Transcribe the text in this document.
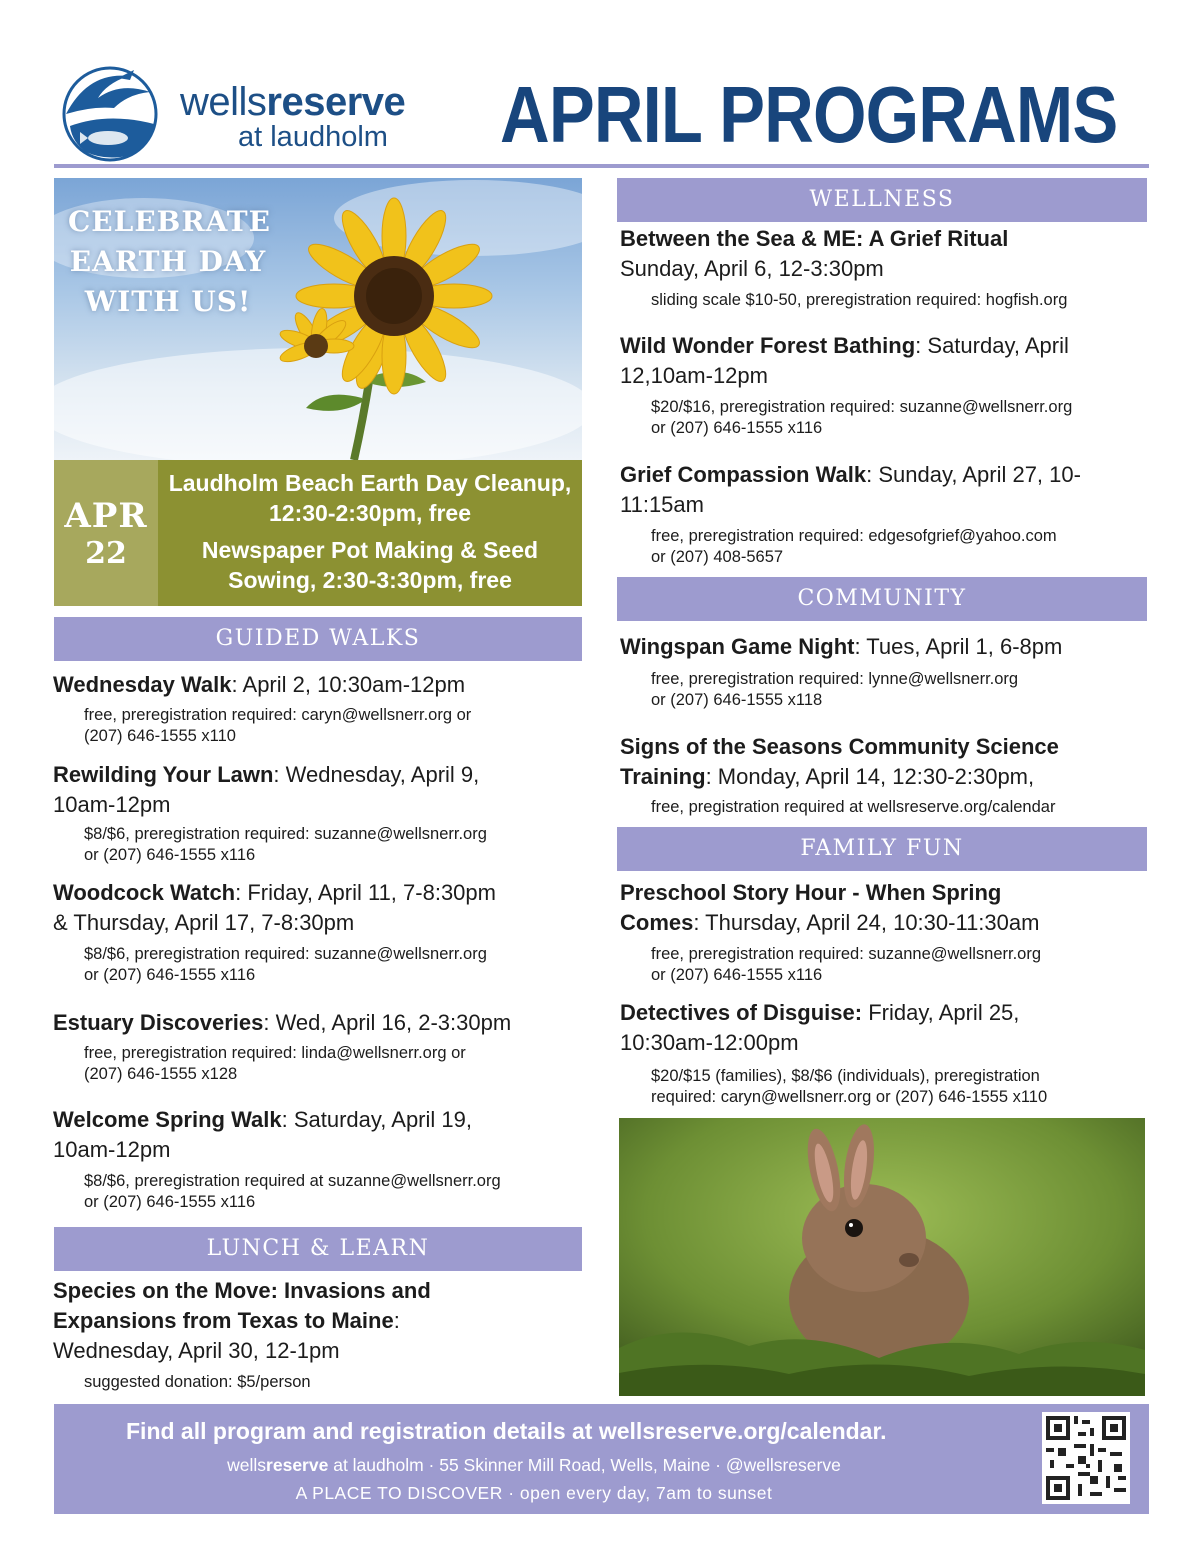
wellsreserve
at laudholm APRIL PROGRAMS
CELEBRATE
EARTH DAY
WITH US!
APR
22
Laudholm Beach Earth Day Cleanup, 12:30-2:30pm, free
Newspaper Pot Making & Seed Sowing, 2:30-3:30pm, free
GUIDED WALKS
Wednesday Walk: April 2, 10:30am-12pm
free, preregistration required: caryn@wellsnerr.org or
(207) 646-1555 x110
Rewilding Your Lawn: Wednesday, April 9,
10am-12pm
$8/$6, preregistration required: suzanne@wellsnerr.org
or (207) 646-1555 x116
Woodcock Watch: Friday, April 11, 7-8:30pm
& Thursday, April 17, 7-8:30pm
$8/$6, preregistration required: suzanne@wellsnerr.org
or (207) 646-1555 x116
Estuary Discoveries: Wed, April 16, 2-3:30pm
free, preregistration required: linda@wellsnerr.org or
(207) 646-1555 x128
Welcome Spring Walk: Saturday, April 19,
10am-12pm
$8/$6, preregistration required at suzanne@wellsnerr.org
or (207) 646-1555 x116
LUNCH & LEARN
Species on the Move: Invasions and
Expansions from Texas to Maine:
Wednesday, April 30, 12-1pm
suggested donation: $5/person
WELLNESS
Between the Sea & ME: A Grief Ritual
Sunday, April 6, 12-3:30pm
sliding scale $10-50, preregistration required: hogfish.org
Wild Wonder Forest Bathing: Saturday, April
12,10am-12pm
$20/$16, preregistration required: suzanne@wellsnerr.org
or (207) 646-1555 x116
Grief Compassion Walk: Sunday, April 27, 10-
11:15am
free, preregistration required: edgesofgrief@yahoo.com
or (207) 408-5657
COMMUNITY
Wingspan Game Night: Tues, April 1, 6-8pm
free, preregistration required: lynne@wellsnerr.org
or (207) 646-1555 x118
Signs of the Seasons Community Science
Training: Monday, April 14, 12:30-2:30pm,
free, pregistration required at wellsreserve.org/calendar
FAMILY FUN
Preschool Story Hour - When Spring
Comes: Thursday, April 24, 10:30-11:30am
free, preregistration required: suzanne@wellsnerr.org
or (207) 646-1555 x116
Detectives of Disguise: Friday, April 25,
10:30am-12:00pm
$20/$15 (families), $8/$6 (individuals), preregistration
required: caryn@wellsnerr.org or (207) 646-1555 x110
Find all program and registration details at wellsreserve.org/calendar.
wellsreserve at laudholm · 55 Skinner Mill Road, Wells, Maine · @wellsreserve
A PLACE TO DISCOVER · open every day, 7am to sunset
